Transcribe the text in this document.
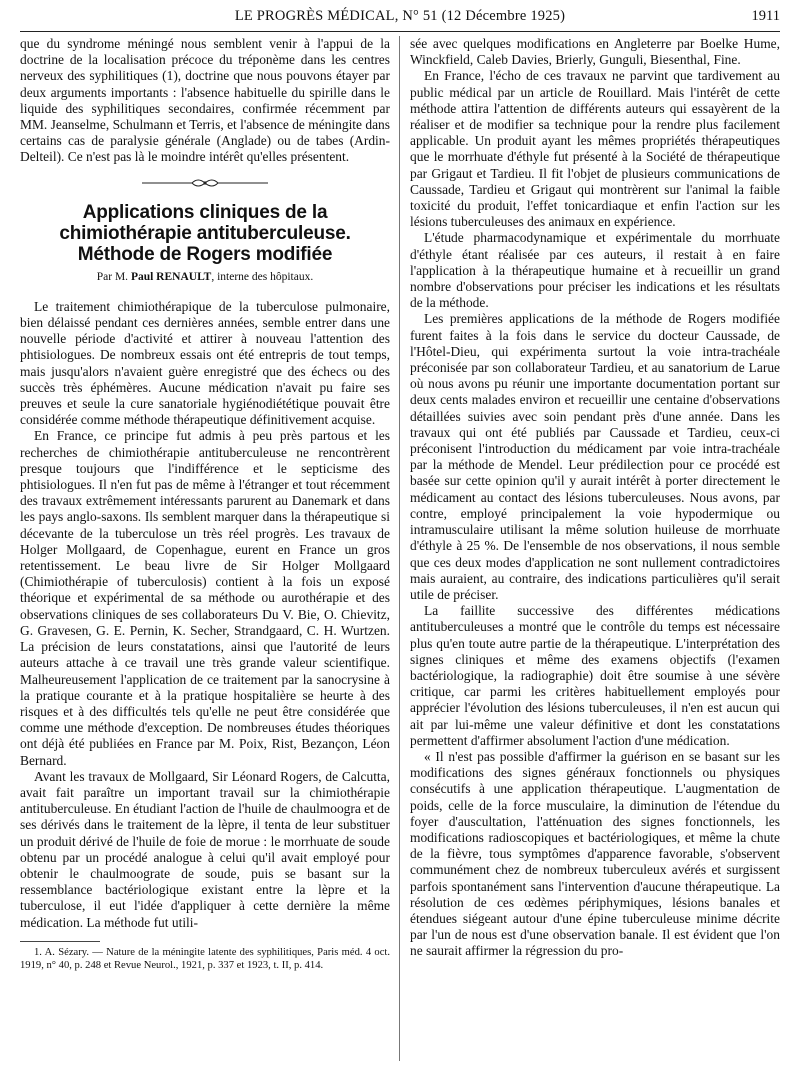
LE PROGRÈS MÉDICAL, N° 51 (12 Décembre 1925)	1911

que du syndrome méningé nous semblent venir à l'appui de la doctrine de la localisation précoce du tréponème dans les centres nerveux des syphilitiques (1), doctrine que nous pouvons étayer par deux arguments importants : l'absence habituelle du spirille dans le liquide des syphilitiques secondaires, confirmée récemment par MM. Jeanselme, Schulmann et Terris, et l'absence de méningite dans certains cas de paralysie générale (Anglade) ou de tabes (Ardin-Delteil). Ce n'est pas là le moindre intérêt qu'elles présentent.

Applications cliniques de la chimiothérapie antituberculeuse. Méthode de Rogers modifiée
Par M. Paul RENAULT, interne des hôpitaux.

Le traitement chimiothérapique de la tuberculose pulmonaire, bien délaissé pendant ces dernières années, semble entrer dans une nouvelle période d'activité et attirer à nouveau l'attention des phtisiologues. De nombreux essais ont été entrepris de tout temps, mais jusqu'alors n'avaient guère enregistré que des échecs ou des succès très éphémères. Aucune médication n'avait pu faire ses preuves et seule la cure sanatoriale hygiénodiététique pouvait être considérée comme méthode thérapeutique définitivement acquise.

En France, ce principe fut admis à peu près partous et les recherches de chimiothérapie antituberculeuse ne rencontrèrent presque toujours que l'indifférence et le septicisme des phtisiologues. Il n'en fut pas de même à l'étranger et tout récemment des travaux extrêmement intéressants parurent au Danemark et dans les pays anglo-saxons. Ils semblent marquer dans la thérapeutique si décevante de la tuberculose un très réel progrès. Les travaux de Holger Mollgaard, de Copenhague, eurent en France un gros retentissement. Le beau livre de Sir Holger Mollgaard (Chimiothérapie of tuberculosis) contient à la fois un exposé théorique et expérimental de sa méthode ou aurothérapie et des observations cliniques de ses collaborateurs Du V. Bie, O. Chievitz, G. Gravesen, G. E. Pernin, K. Secher, Strandgaard, C. H. Wurtzen. La précision de leurs constatations, ainsi que l'autorité de leurs auteurs attache à ce travail une très grande valeur scientifique. Malheureusement l'application de ce traitement par la sanocrysine à la pratique courante et à la pratique hospitalière se heurte à des risques et à des difficultés tels qu'elle ne peut être considérée que comme une méthode d'exception. De nombreuses études théoriques ont déjà été publiées en France par M. Poix, Rist, Bezançon, Léon Bernard.

Avant les travaux de Mollgaard, Sir Léonard Rogers, de Calcutta, avait fait paraître un important travail sur la chimiothérapie antituberculeuse. En étudiant l'action de l'huile de chaulmoogra et de ses dérivés dans le traitement de la lèpre, il tenta de leur substituer un produit dérivé de l'huile de foie de morue : le morrhuate de soude obtenu par un procédé analogue à celui qu'il avait employé pour obtenir le chaulmoograte de soude, puis se basant sur la ressemblance bactériologique existant entre la lèpre et la tuberculose, il eut l'idée d'appliquer à cette dernière la même médication. La méthode fut utili-

1. A. Sézary. — Nature de la méningite latente des syphilitiques, Paris méd. 4 oct. 1919, n° 40, p. 248 et Revue Neurol., 1921, p. 337 et 1923, t. II, p. 414.

sée avec quelques modifications en Angleterre par Boelke Hume, Winckfield, Caleb Davies, Brierly, Gunguli, Biesenthal, Fine.

En France, l'écho de ces travaux ne parvint que tardivement au public médical par un article de Rouillard. Mais l'intérêt de cette méthode attira l'attention de différents auteurs qui essayèrent de la réaliser et de modifier sa technique pour la rendre plus facilement applicable. Un produit ayant les mêmes propriétés thérapeutiques que le morrhuate d'éthyle fut présenté à la Société de thérapeutique par Grigaut et Tardieu. Il fit l'objet de plusieurs communications de Caussade, Tardieu et Grigaut qui montrèrent sur l'animal la faible toxicité du produit, l'effet tonicardiaque et enfin l'action sur les lésions tuberculeuses des animaux en expérience.

L'étude pharmacodynamique et expérimentale du morrhuate d'éthyle étant réalisée par ces auteurs, il restait à en faire l'application à la thérapeutique humaine et à recueillir un grand nombre d'observations pour préciser les indications et les résultats de la méthode.

Les premières applications de la méthode de Rogers modifiée furent faites à la fois dans le service du docteur Caussade, de l'Hôtel-Dieu, qui expérimenta surtout la voie intra-trachéale préconisée par son collaborateur Tardieu, et au sanatorium de Larue où nous avons pu réunir une importante documentation portant sur deux cents malades environ et recueillir une centaine d'observations détaillées suivies avec soin pendant près d'une année. Dans les travaux qui ont été publiés par Caussade et Tardieu, ceux-ci préconisent l'introduction du médicament par voie intra-trachéale par la méthode de Mendel. Leur prédilection pour ce procédé est basée sur cette opinion qu'il y aurait intérêt à porter directement le médicament au contact des lésions tuberculeuses. Nous avons, par contre, employé principalement la voie hypodermique ou intramusculaire utilisant la même solution huileuse de morrhuate d'éthyle à 25 %. De l'ensemble de nos observations, il nous semble que ces deux modes d'application ne sont nullement contradictoires mais auraient, au contraire, des indications particulières qu'il serait utile de préciser.

La faillite successive des différentes médications antituberculeuses a montré que le contrôle du temps est nécessaire plus qu'en toute autre partie de la thérapeutique. L'interprétation des signes cliniques et même des examens objectifs (l'examen bactériologique, la radiographie) doit être soumise à une sévère critique, car parmi les critères habituellement employés pour apprécier l'évolution des lésions tuberculeuses, il n'en est aucun qui ait par lui-même une valeur définitive et dont les constatations permettent d'affirmer absolument l'action d'une médication.

« Il n'est pas possible d'affirmer la guérison en se basant sur les modifications des signes généraux fonctionnels ou physiques consécutifs à une application thérapeutique. L'augmentation de poids, celle de la force musculaire, la diminution de l'étendue du foyer d'auscultation, l'atténuation des signes fonctionnels, les modifications radioscopiques et bactériologiques, et même la chute de la fièvre, tous symptômes d'apparence favorable, s'observent communément chez de nombreux tuberculeux avérés et surgissent parfois spontanément sans l'intervention d'aucune thérapeutique. La résolution de ces œdèmes périphymiques, lésions banales et étendues siégeant autour d'une épine tuberculeuse minime décrite par l'un de nous est d'une observation banale. Il est évident que l'on ne saurait affirmer la régression du pro-
